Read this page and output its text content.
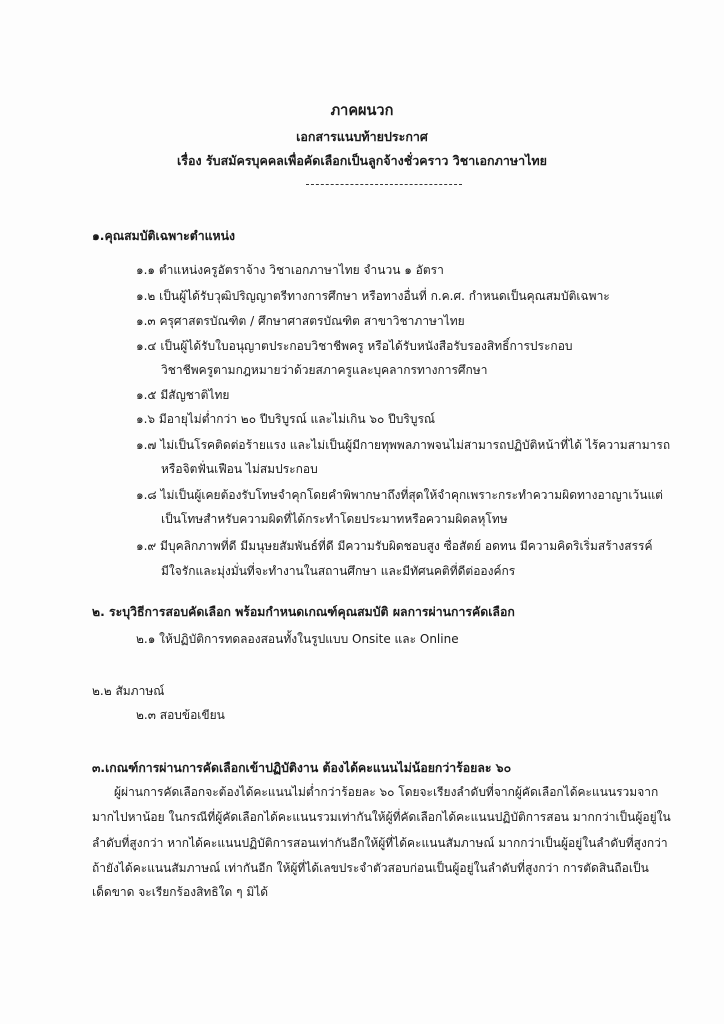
ภาคผนวก
เอกสารแนบท้ายประกาศ
เรื่อง รับสมัครบุคคลเพื่อคัดเลือกเป็นลูกจ้างชั่วคราว วิชาเอกภาษาไทย
๑.คุณสมบัติเฉพาะตำแหน่ง
๑.๑ ตำแหน่งครูอัตราจ้าง วิชาเอกภาษาไทย จำนวน ๑ อัตรา
๑.๒ เป็นผู้ได้รับวุฒิปริญญาตรีทางการศึกษา หรือทางอื่นที่ ก.ค.ศ. กำหนดเป็นคุณสมบัติเฉพาะ
๑.๓ ครุศาสตรบัณฑิต / ศึกษาศาสตรบัณฑิต สาขาวิชาภาษาไทย
๑.๔ เป็นผู้ได้รับใบอนุญาตประกอบวิชาชีพครู หรือได้รับหนังสือรับรองสิทธิ์การประกอบ
วิชาชีพครูตามกฎหมายว่าด้วยสภาครูและบุคลากรทางการศึกษา
๑.๕ มีสัญชาติไทย
๑.๖ มีอายุไม่ต่ำกว่า ๒๐ ปีบริบูรณ์ และไม่เกิน ๖๐ ปีบริบูรณ์
๑.๗ ไม่เป็นโรคติดต่อร้ายแรง และไม่เป็นผู้มีกายทุพพลภาพจนไม่สามารถปฏิบัติหน้าที่ได้ ไร้ความสามารถ
หรือจิตฟั่นเฟือน ไม่สมประกอบ
๑.๘ ไม่เป็นผู้เคยต้องรับโทษจำคุกโดยคำพิพากษาถึงที่สุดให้จำคุกเพราะกระทำความผิดทางอาญาเว้นแต่
เป็นโทษสำหรับความผิดที่ได้กระทำโดยประมาทหรือความผิดลหุโทษ
๑.๙ มีบุคลิกภาพที่ดี มีมนุษยสัมพันธ์ที่ดี มีความรับผิดชอบสูง ซื่อสัตย์ อดทน มีความคิดริเริ่มสร้างสรรค์
มีใจรักและมุ่งมั่นที่จะทำงานในสถานศึกษา และมีทัศนคติที่ดีต่อองค์กร
๒. ระบุวิธีการสอบคัดเลือก พร้อมกำหนดเกณฑ์คุณสมบัติ ผลการผ่านการคัดเลือก
๒.๑ ให้ปฏิบัติการทดลองสอนทั้งในรูปแบบ Onsite และ Online
๒.๒ สัมภาษณ์
๒.๓ สอบข้อเขียน
๓.เกณฑ์การผ่านการคัดเลือกเข้าปฏิบัติงาน ต้องได้คะแนนไม่น้อยกว่าร้อยละ ๖๐
ผู้ผ่านการคัดเลือกจะต้องได้คะแนนไม่ต่ำกว่าร้อยละ ๖๐ โดยจะเรียงลำดับที่จากผู้คัดเลือกได้คะแนนรวมจาก
มากไปหาน้อย ในกรณีที่ผู้คัดเลือกได้คะแนนรวมเท่ากันให้ผู้ที่คัดเลือกได้คะแนนปฏิบัติการสอน มากกว่าเป็นผู้อยู่ใน
ลำดับที่สูงกว่า หากได้คะแนนปฏิบัติการสอนเท่ากันอีกให้ผู้ที่ได้คะแนนสัมภาษณ์ มากกว่าเป็นผู้อยู่ในลำดับที่สูงกว่า
ถ้ายังได้คะแนนสัมภาษณ์ เท่ากันอีก ให้ผู้ที่ได้เลขประจำตัวสอบก่อนเป็นผู้อยู่ในลำดับที่สูงกว่า การตัดสินถือเป็น
เด็ดขาด จะเรียกร้องสิทธิใด ๆ มิได้
